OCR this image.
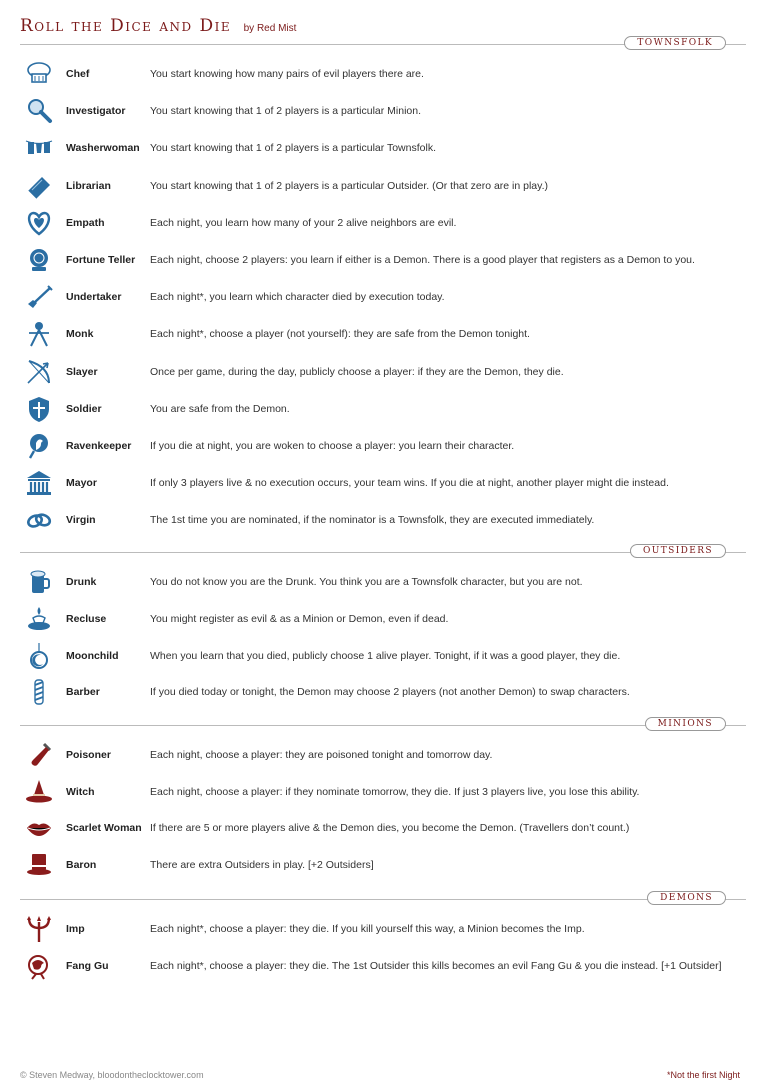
Roll the Dice and Die by Red Mist
TOWNSFOLK
Chef	You start knowing how many pairs of evil players there are.
Investigator	You start knowing that 1 of 2 players is a particular Minion.
Washerwoman You start knowing that 1 of 2 players is a particular Townsfolk.
Librarian	You start knowing that 1 of 2 players is a particular Outsider. (Or that zero are in play.)
Empath	Each night, you learn how many of your 2 alive neighbors are evil.
Fortune Teller	Each night, choose 2 players: you learn if either is a Demon. There is a good player that registers as a Demon to you.
Undertaker	Each night*, you learn which character died by execution today.
Monk	Each night*, choose a player (not yourself): they are safe from the Demon tonight.
Slayer	Once per game, during the day, publicly choose a player: if they are the Demon, they die.
Soldier	You are safe from the Demon.
Ravenkeeper	If you die at night, you are woken to choose a player: you learn their character.
Mayor	If only 3 players live & no execution occurs, your team wins. If you die at night, another player might die instead.
Virgin	The 1st time you are nominated, if the nominator is a Townsfolk, they are executed immediately.
OUTSIDERS
Drunk	You do not know you are the Drunk. You think you are a Townsfolk character, but you are not.
Recluse	You might register as evil & as a Minion or Demon, even if dead.
Moonchild	When you learn that you died, publicly choose 1 alive player. Tonight, if it was a good player, they die.
Barber	If you died today or tonight, the Demon may choose 2 players (not another Demon) to swap characters.
MINIONS
Poisoner	Each night, choose a player: they are poisoned tonight and tomorrow day.
Witch	Each night, choose a player: if they nominate tomorrow, they die. If just 3 players live, you lose this ability.
Scarlet Woman If there are 5 or more players alive & the Demon dies, you become the Demon. (Travellers don’t count.)
Baron	There are extra Outsiders in play. [+2 Outsiders]
DEMONS
Imp	Each night*, choose a player: they die. If you kill yourself this way, a Minion becomes the Imp.
Fang Gu	Each night*, choose a player: they die. The 1st Outsider this kills becomes an evil Fang Gu & you die instead. [+1 Outsider]
© Steven Medway, bloodontheclocktower.com	*Not the first Night
